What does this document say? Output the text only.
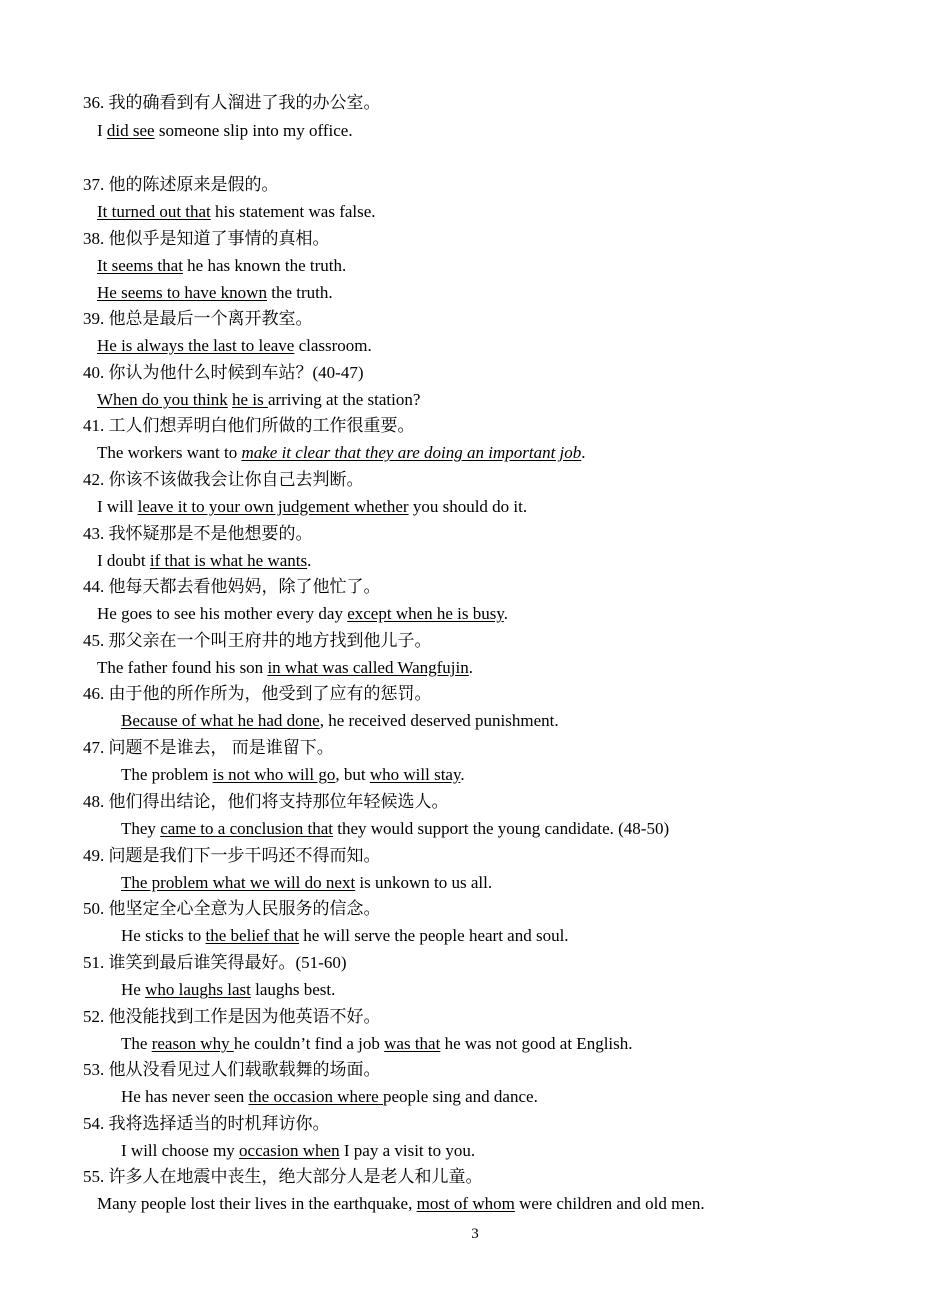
36. 我的确看到有人溜进了我的办公室。
I did see someone slip into my office.
37. 他的陈述原来是假的。
It turned out that his statement was false.
38. 他似乎是知道了事情的真相。
It seems that he has known the truth.
He seems to have known the truth.
39. 他总是最后一个离开教室。
He is always the last to leave classroom.
40. 你认为他什么时候到车站？(40-47)
When do you think he is arriving at the station?
41. 工人们想弄明白他们所做的工作很重要。
The workers want to make it clear that they are doing an important job.
42. 你该不该做我会让你自己去判断。
I will leave it to your own judgement whether you should do it.
43. 我怀疑那是不是他想要的。
I doubt if that is what he wants.
44. 他每天都去看他妈妈，除了他忙了。
He goes to see his mother every day except when he is busy.
45. 那父亲在一个叫王府井的地方找到他儿子。
The father found his son in what was called Wangfujin.
46. 由于他的所作所为，他受到了应有的惩罚。
Because of what he had done, he received deserved punishment.
47. 问题不是谁去， 而是谁留下。
The problem is not who will go, but who will stay.
48. 他们得出结论，他们将支持那位年轻候选人。
They came to a conclusion that they would support the young candidate. (48-50)
49. 问题是我们下一步干吗还不得而知。
The problem what we will do next is unkown to us all.
50. 他坚定全心全意为人民服务的信念。
He sticks to the belief that he will serve the people heart and soul.
51. 谁笑到最后谁笑得最好。(51-60)
He who laughs last laughs best.
52. 他没能找到工作是因为他英语不好。
The reason why he couldn’t find a job was that he was not good at English.
53. 他从没看见过人们载歌载舞的场面。
He has never seen the occasion where people sing and dance.
54. 我将选择适当的时机拜访你。
I will choose my occasion when I pay a visit to you.
55. 许多人在地震中丧生，绝大部分人是老人和儿童。
Many people lost their lives in the earthquake, most of whom were children and old men.
3
